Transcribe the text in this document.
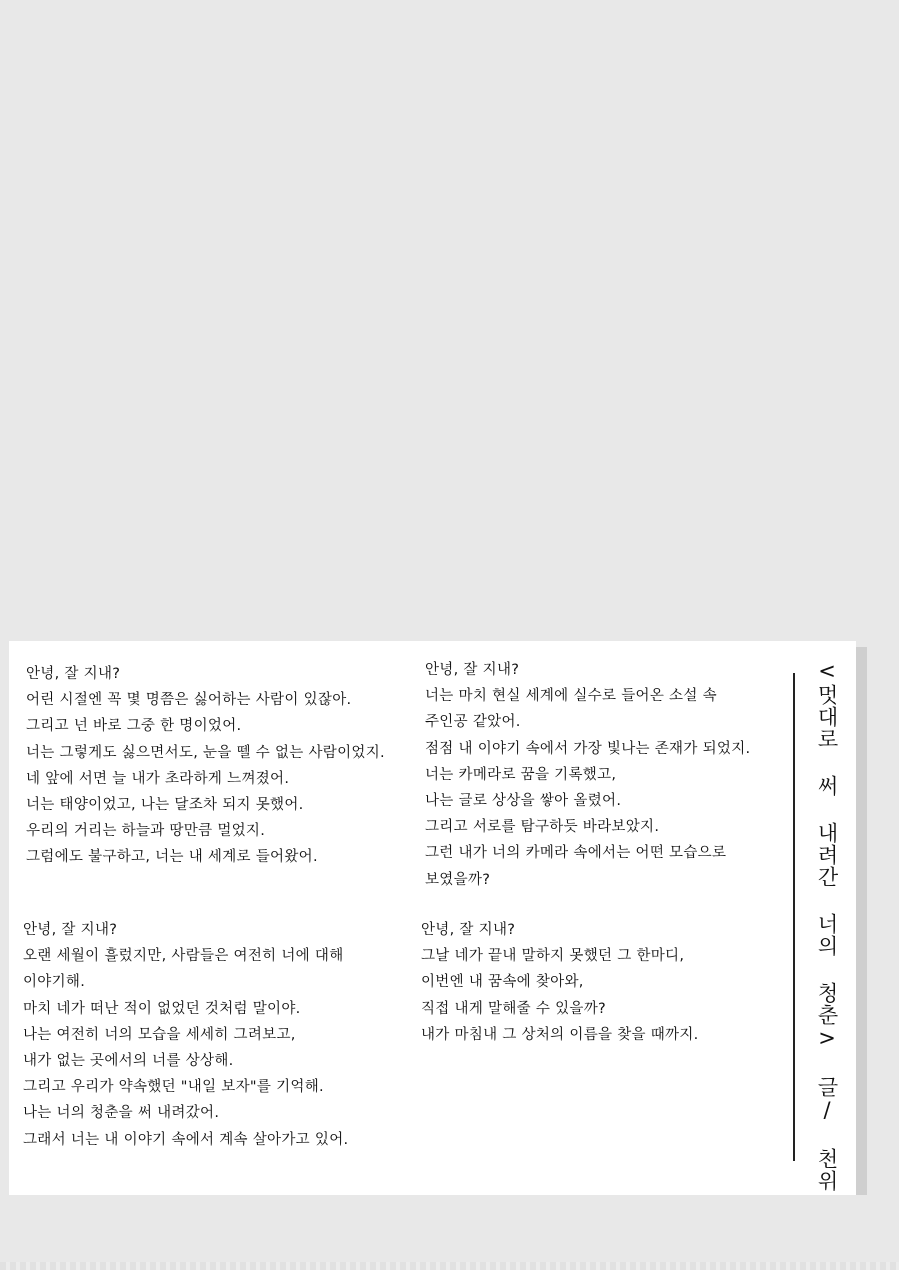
안녕, 잘 지내?
어린 시절엔 꼭 몇 명쯤은 싫어하는 사람이 있잖아.
그리고 넌 바로 그중 한 명이었어.
너는 그렇게도 싫으면서도, 눈을 뗄 수 없는 사람이었지.
네 앞에 서면 늘 내가 초라하게 느껴졌어.
너는 태양이었고, 나는 달조차 되지 못했어.
우리의 거리는 하늘과 땅만큼 멀었지.
그럼에도 불구하고, 너는 내 세계로 들어왔어.
안녕, 잘 지내?
너는 마치 현실 세계에 실수로 들어온 소설 속
주인공 같았어.
점점 내 이야기 속에서 가장 빛나는 존재가 되었지.
너는 카메라로 꿈을 기록했고,
나는 글로 상상을 쌓아 올렸어.
그리고 서로를 탐구하듯 바라보았지.
그런 내가 너의 카메라 속에서는 어떤 모습으로
보였을까?
안녕, 잘 지내?
오랜 세월이 흘렀지만, 사람들은 여전히 너에 대해
이야기해.
마치 네가 떠난 적이 없었던 것처럼 말이야.
나는 여전히 너의 모습을 세세히 그려보고,
내가 없는 곳에서의 너를 상상해.
그리고 우리가 약속했던 "내일 보자"를 기억해.
나는 너의 청춘을 써 내려갔어.
그래서 너는 내 이야기 속에서 계속 살아가고 있어.
안녕, 잘 지내?
그날 네가 끝내 말하지 못했던 그 한마디,
이번엔 내 꿈속에 찾아와,
직접 내게 말해줄 수 있을까?
내가 마침내 그 상처의 이름을 찾을 때까지.	<멋대로 써 내려간 너의 청춘> 글/ 천위
